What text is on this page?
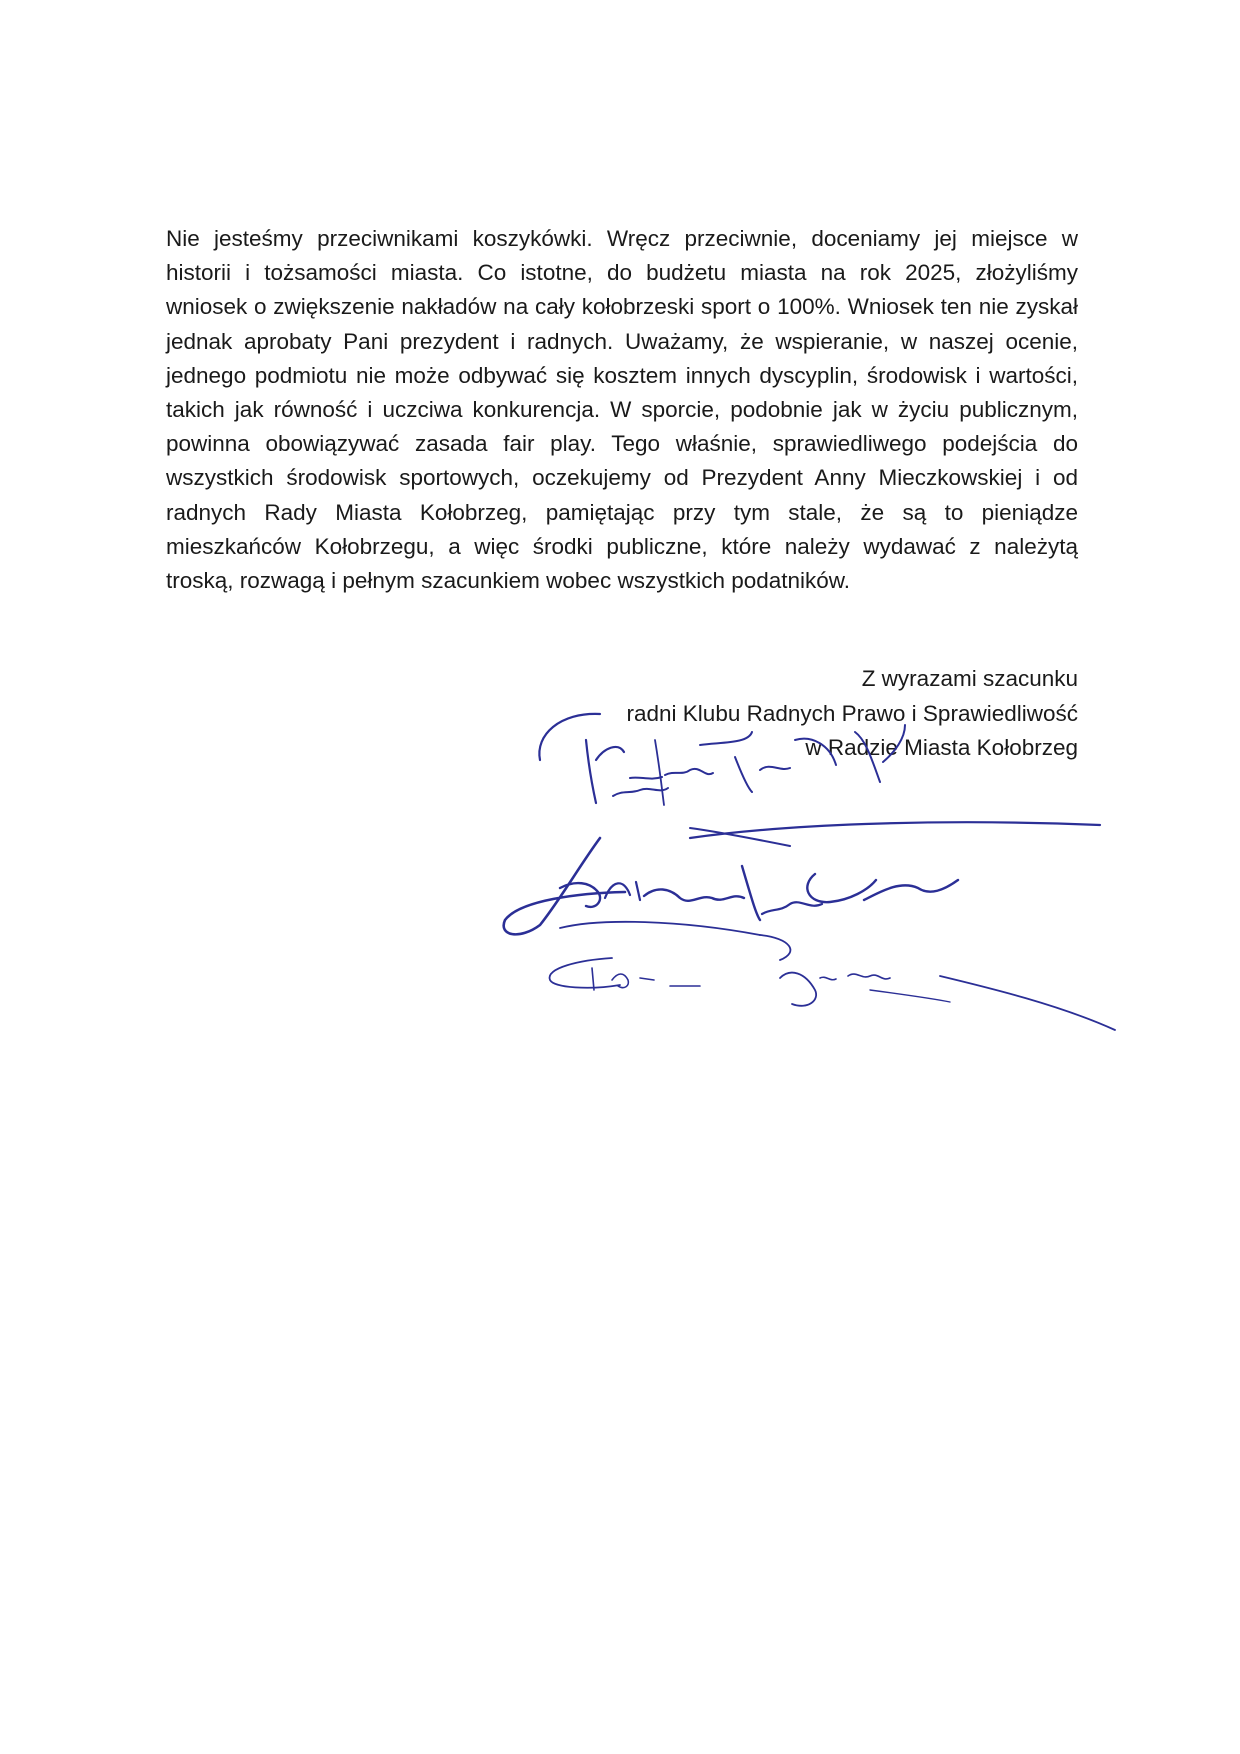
Nie jesteśmy przeciwnikami koszykówki. Wręcz przeciwnie, doceniamy jej miejsce w
historii i tożsamości miasta. Co istotne, do budżetu miasta na rok 2025, złożyliśmy
wniosek o zwiększenie nakładów na cały kołobrzeski sport o 100%. Wniosek ten nie zyskał
jednak aprobaty Pani prezydent i radnych. Uważamy, że wspieranie, w naszej ocenie,
jednego podmiotu nie może odbywać się kosztem innych dyscyplin, środowisk i wartości,
takich jak równość i uczciwa konkurencja. W sporcie, podobnie jak w życiu publicznym,
powinna obowiązywać zasada fair play. Tego właśnie, sprawiedliwego podejścia do
wszystkich środowisk sportowych, oczekujemy od Prezydent Anny Mieczkowskiej i od
radnych Rady Miasta Kołobrzeg, pamiętając przy tym stale, że są to pieniądze
mieszkańców Kołobrzegu, a więc środki publiczne, które należy wydawać z należytą
troską, rozwagą i pełnym szacunkiem wobec wszystkich podatników.
Z wyrazami szacunku
radni Klubu Radnych Prawo i Sprawiedliwość
w Radzie Miasta Kołobrzeg
